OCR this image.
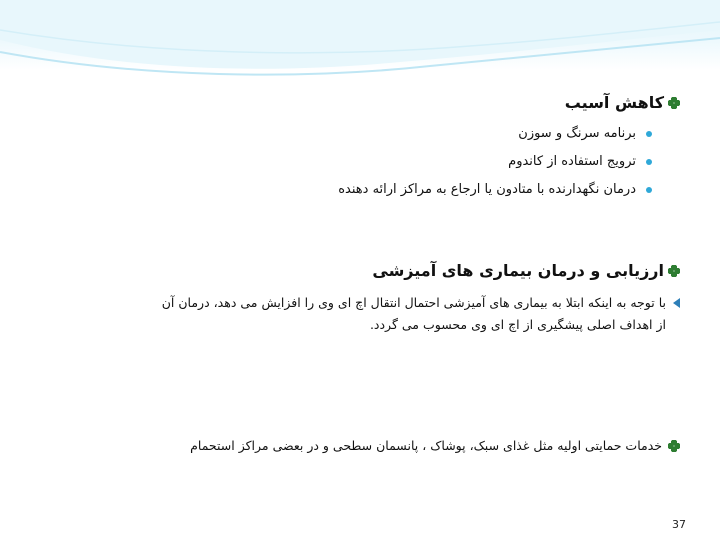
کاهش آسیب
برنامه سرنگ و سوزن
ترویج استفاده از کاندوم
درمان نگهدارنده با متادون یا ارجاع به مراکز ارائه دهنده
ارزیابی و درمان بیماری های آمیزشی
با توجه به اینکه ابتلا به بیماری های آمیزشی احتمال انتقال اچ ای وی را افزایش می دهد، درمان آن
از اهداف اصلی پیشگیری از اچ ای وی محسوب می گردد.
خدمات حمایتی اولیه مثل غذای سبک، پوشاک ، پانسمان سطحی و در بعضی مراکز استحمام
37
